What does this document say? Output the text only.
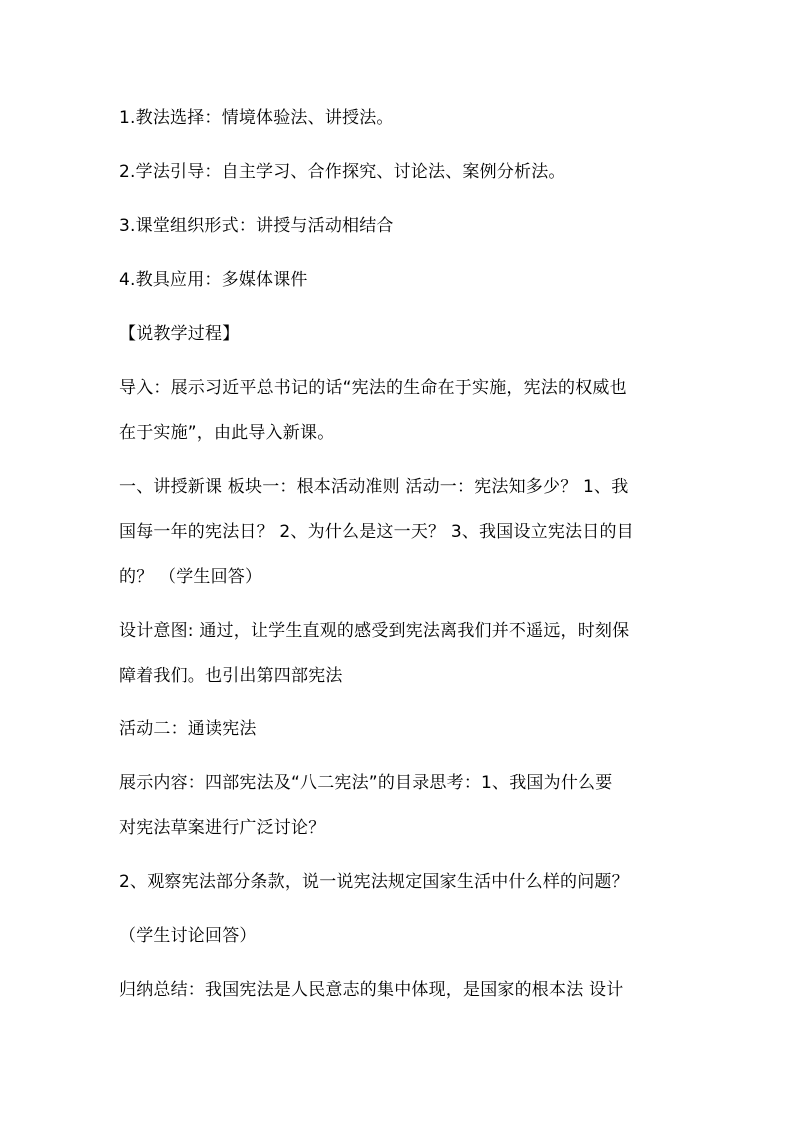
1.教法选择：情境体验法、讲授法。
2.学法引导：自主学习、合作探究、讨论法、案例分析法。
3.课堂组织形式：讲授与活动相结合
4.教具应用：多媒体课件
【说教学过程】
导入：展示习近平总书记的话“宪法的生命在于实施，宪法的权威也
在于实施”，由此导入新课。
一、讲授新课 板块一：根本活动准则 活动一：宪法知多少？ 1、我
国每一年的宪法日？ 2、为什么是这一天？ 3、我国设立宪法日的目
的？ （学生回答）
设计意图: 通过，让学生直观的感受到宪法离我们并不遥远，时刻保
障着我们。也引出第四部宪法
活动二：通读宪法
展示内容：四部宪法及“八二宪法”的目录思考：1、我国为什么要
对宪法草案进行广泛讨论？
2、观察宪法部分条款，说一说宪法规定国家生活中什么样的问题？
（学生讨论回答）
归纳总结：我国宪法是人民意志的集中体现，是国家的根本法 设计
